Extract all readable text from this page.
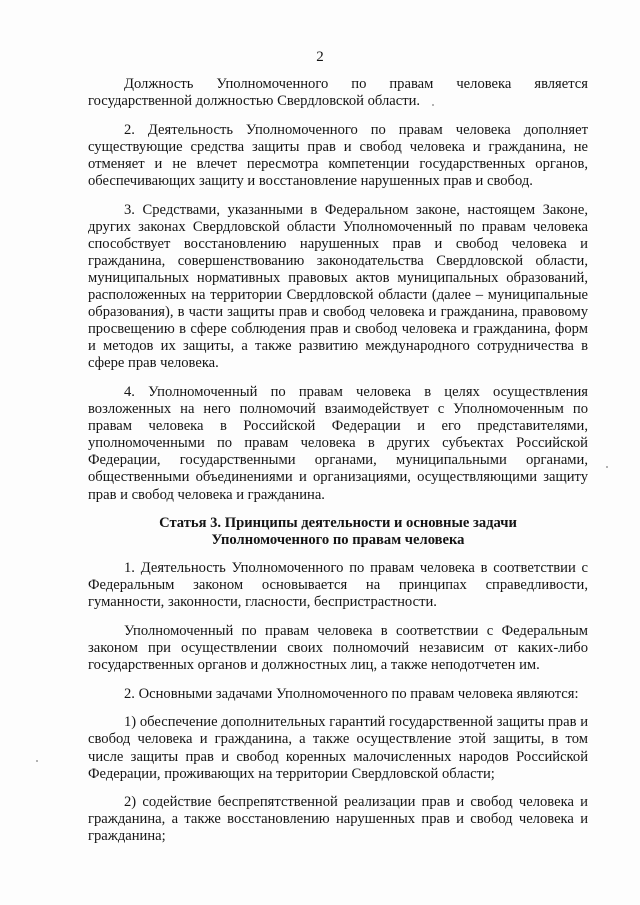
2

Должность Уполномоченного по правам человека является государственной должностью Свердловской области.

2. Деятельность Уполномоченного по правам человека дополняет существующие средства защиты прав и свобод человека и гражданина, не отменяет и не влечет пересмотра компетенции государственных органов, обеспечивающих защиту и восстановление нарушенных прав и свобод.

3. Средствами, указанными в Федеральном законе, настоящем Законе, других законах Свердловской области Уполномоченный по правам человека способствует восстановлению нарушенных прав и свобод человека и гражданина, совершенствованию законодательства Свердловской области, муниципальных нормативных правовых актов муниципальных образований, расположенных на территории Свердловской области (далее – муниципальные образования), в части защиты прав и свобод человека и гражданина, правовому просвещению в сфере соблюдения прав и свобод человека и гражданина, форм и методов их защиты, а также развитию международного сотрудничества в сфере прав человека.

4. Уполномоченный по правам человека в целях осуществления возложенных на него полномочий взаимодействует с Уполномоченным по правам человека в Российской Федерации и его представителями, уполномоченными по правам человека в других субъектах Российской Федерации, государственными органами, муниципальными органами, общественными объединениями и организациями, осуществляющими защиту прав и свобод человека и гражданина.

Статья 3. Принципы деятельности и основные задачи
Уполномоченного по правам человека

1. Деятельность Уполномоченного по правам человека в соответствии с Федеральным законом основывается на принципах справедливости, гуманности, законности, гласности, беспристрастности.

Уполномоченный по правам человека в соответствии с Федеральным законом при осуществлении своих полномочий независим от каких-либо государственных органов и должностных лиц, а также неподотчетен им.

2. Основными задачами Уполномоченного по правам человека являются:

1) обеспечение дополнительных гарантий государственной защиты прав и свобод человека и гражданина, а также осуществление этой защиты, в том числе защиты прав и свобод коренных малочисленных народов Российской Федерации, проживающих на территории Свердловской области;

2) содействие беспрепятственной реализации прав и свобод человека и гражданина, а также восстановлению нарушенных прав и свобод человека и гражданина;
